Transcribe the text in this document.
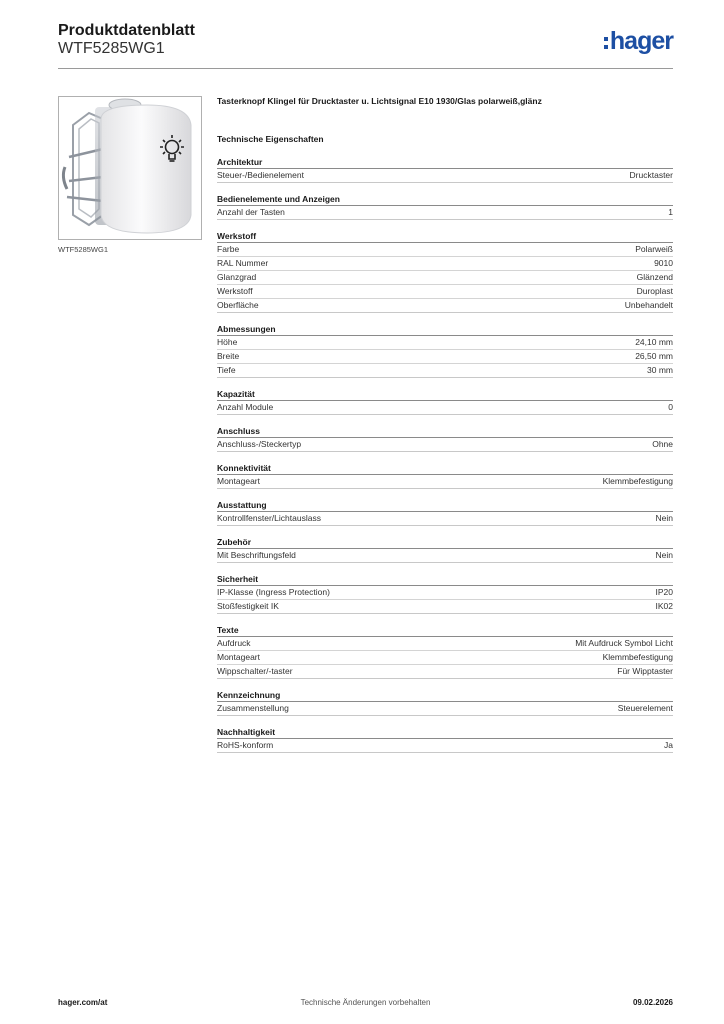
Produktdatenblatt
WTF5285WG1	hager
WTF5285WG1
Tasterknopf Klingel für Drucktaster u. Lichtsignal E10 1930/Glas polarweiß,glänz
Technische Eigenschaften
Architektur
Steuer-/Bedienelement	Drucktaster
Bedienelemente und Anzeigen
Anzahl der Tasten	1
Werkstoff
Farbe	Polarweiß
RAL Nummer	9010
Glanzgrad	Glänzend
Werkstoff	Duroplast
Oberfläche	Unbehandelt
Abmessungen
Höhe	24,10 mm
Breite	26,50 mm
Tiefe	30 mm
Kapazität
Anzahl Module	0
Anschluss
Anschluss-/Steckertyp	Ohne
Konnektivität
Montageart	Klemmbefestigung
Ausstattung
Kontrollfenster/Lichtauslass	Nein
Zubehör
Mit Beschriftungsfeld	Nein
Sicherheit
IP-Klasse (Ingress Protection)	IP20
Stoßfestigkeit IK	IK02
Texte
Aufdruck	Mit Aufdruck Symbol Licht
Montageart	Klemmbefestigung
Wippschalter/-taster	Für Wipptaster
Kennzeichnung
Zusammenstellung	Steuerelement
Nachhaltigkeit
RoHS-konform	Ja
hager.com/at	Technische Änderungen vorbehalten	09.02.2026
